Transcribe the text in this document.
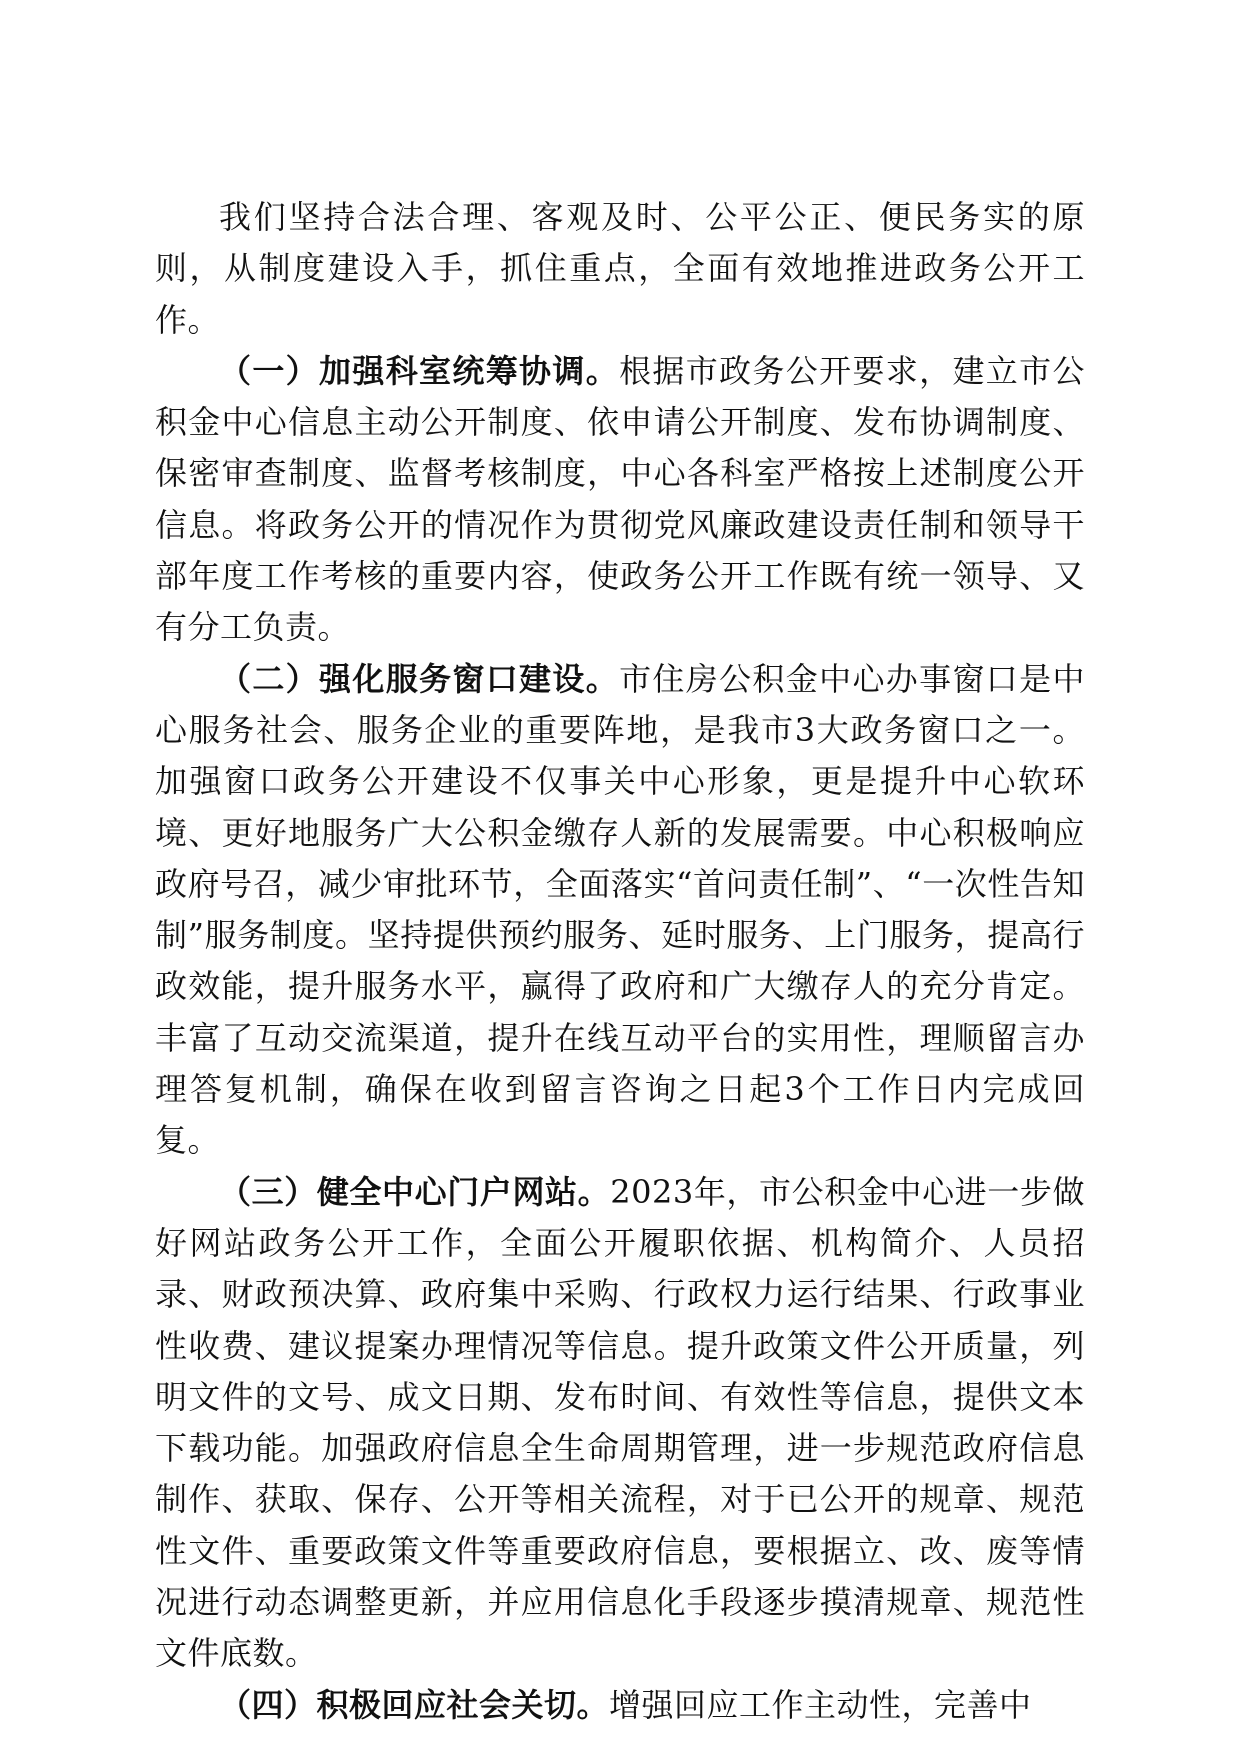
我们坚持合法合理、客观及时、公平公正、便民务实的原则，从制度建设入手，抓住重点，全面有效地推进政务公开工作。

（一）加强科室统筹协调。根据市政务公开要求，建立市公积金中心信息主动公开制度、依申请公开制度、发布协调制度、保密审查制度、监督考核制度，中心各科室严格按上述制度公开信息。将政务公开的情况作为贯彻党风廉政建设责任制和领导干部年度工作考核的重要内容，使政务公开工作既有统一领导、又有分工负责。

（二）强化服务窗口建设。市住房公积金中心办事窗口是中心服务社会、服务企业的重要阵地，是我市3大政务窗口之一。加强窗口政务公开建设不仅事关中心形象，更是提升中心软环境、更好地服务广大公积金缴存人新的发展需要。中心积极响应政府号召，减少审批环节，全面落实“首问责任制”、“一次性告知制”服务制度。坚持提供预约服务、延时服务、上门服务，提高行政效能，提升服务水平，赢得了政府和广大缴存人的充分肯定。丰富了互动交流渠道，提升在线互动平台的实用性，理顺留言办理答复机制，确保在收到留言咨询之日起3个工作日内完成回复。

（三）健全中心门户网站。2023年，市公积金中心进一步做好网站政务公开工作，全面公开履职依据、机构简介、人员招录、财政预决算、政府集中采购、行政权力运行结果、行政事业性收费、建议提案办理情况等信息。提升政策文件公开质量，列明文件的文号、成文日期、发布时间、有效性等信息，提供文本下载功能。加强政府信息全生命周期管理，进一步规范政府信息制作、获取、保存、公开等相关流程，对于已公开的规章、规范性文件、重要政策文件等重要政府信息，要根据立、改、废等情况进行动态调整更新，并应用信息化手段逐步摸清规章、规范性文件底数。

（四）积极回应社会关切。增强回应工作主动性，完善中
